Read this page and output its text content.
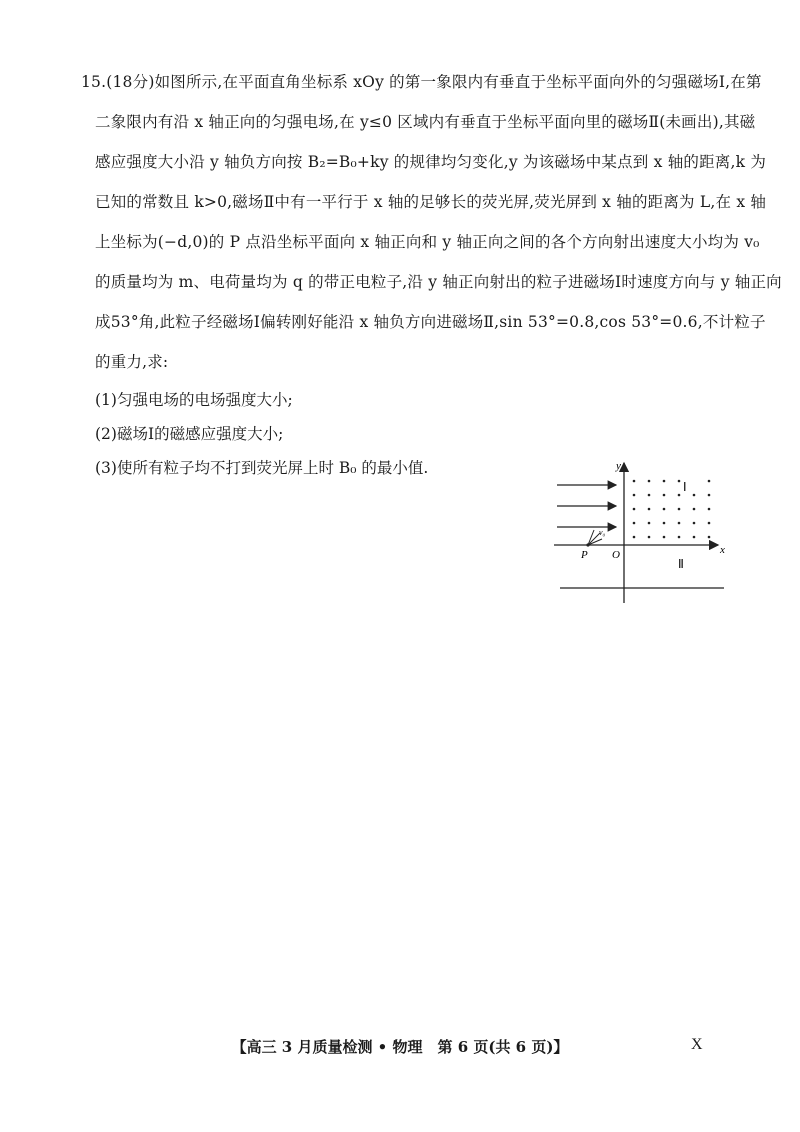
15.(18分)如图所示,在平面直角坐标系 xOy 的第一象限内有垂直于坐标平面向外的匀强磁场Ⅰ,在第
二象限内有沿 x 轴正向的匀强电场,在 y≤0 区域内有垂直于坐标平面向里的磁场Ⅱ(未画出),其磁
感应强度大小沿 y 轴负方向按 B₂=B₀+ky 的规律均匀变化,y 为该磁场中某点到 x 轴的距离,k 为
已知的常数且 k>0,磁场Ⅱ中有一平行于 x 轴的足够长的荧光屏,荧光屏到 x 轴的距离为 L,在 x 轴
上坐标为(−d,0)的 P 点沿坐标平面向 x 轴正向和 y 轴正向之间的各个方向射出速度大小均为 v₀
的质量均为 m、电荷量均为 q 的带正电粒子,沿 y 轴正向射出的粒子进磁场Ⅰ时速度方向与 y 轴正向
成53°角,此粒子经磁场Ⅰ偏转刚好能沿 x 轴负方向进磁场Ⅱ,sin 53°=0.8,cos 53°=0.6,不计粒子
的重力,求:
(1)匀强电场的电场强度大小;
(2)磁场Ⅰ的磁感应强度大小;
(3)使所有粒子均不打到荧光屏上时 B₀ 的最小值.	y
x
O
P
v₀
Ⅰ
Ⅱ
【高三 3 月质量检测 • 物理　第 6 页(共 6 页)】	X
